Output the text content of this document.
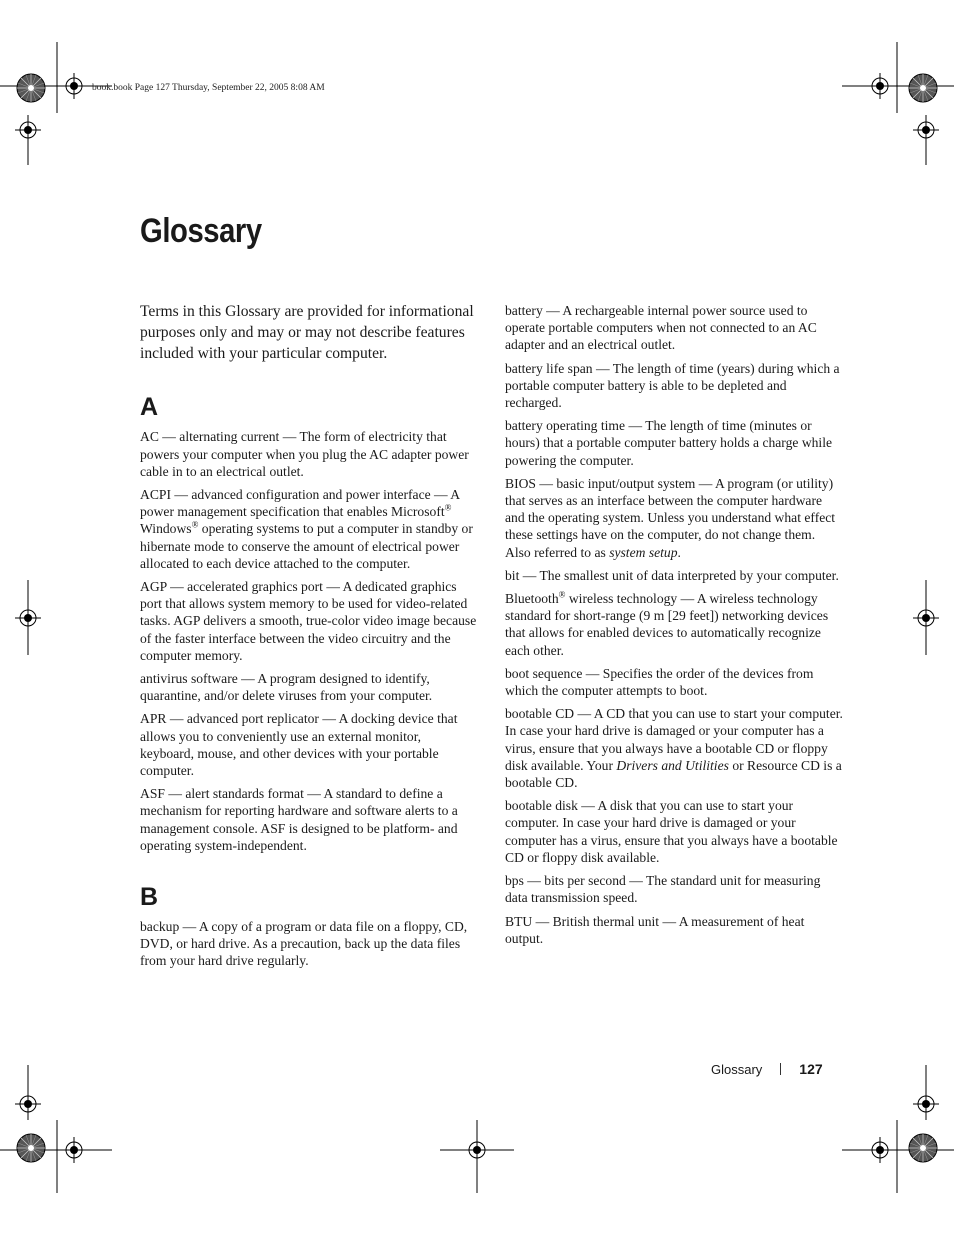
book.book Page 127 Thursday, September 22, 2005 8:08 AM
Glossary

Terms in this Glossary are provided for informational purposes only and may or may not describe features included with your particular computer.

A

AC — alternating current — The form of electricity that powers your computer when you plug the AC adapter power cable in to an electrical outlet.

ACPI — advanced configuration and power interface — A power management specification that enables Microsoft® Windows® operating systems to put a computer in standby or hibernate mode to conserve the amount of electrical power allocated to each device attached to the computer.

AGP — accelerated graphics port — A dedicated graphics port that allows system memory to be used for video-related tasks. AGP delivers a smooth, true-color video image because of the faster interface between the video circuitry and the computer memory.

antivirus software — A program designed to identify, quarantine, and/or delete viruses from your computer.

APR — advanced port replicator — A docking device that allows you to conveniently use an external monitor, keyboard, mouse, and other devices with your portable computer.

ASF — alert standards format — A standard to define a mechanism for reporting hardware and software alerts to a management console. ASF is designed to be platform- and operating system-independent.

B

backup — A copy of a program or data file on a floppy, CD, DVD, or hard drive. As a precaution, back up the data files from your hard drive regularly.

battery — A rechargeable internal power source used to operate portable computers when not connected to an AC adapter and an electrical outlet.

battery life span — The length of time (years) during which a portable computer battery is able to be depleted and recharged.

battery operating time — The length of time (minutes or hours) that a portable computer battery holds a charge while powering the computer.

BIOS — basic input/output system — A program (or utility) that serves as an interface between the computer hardware and the operating system. Unless you understand what effect these settings have on the computer, do not change them. Also referred to as system setup.

bit — The smallest unit of data interpreted by your computer.

Bluetooth® wireless technology — A wireless technology standard for short-range (9 m [29 feet]) networking devices that allows for enabled devices to automatically recognize each other.

boot sequence — Specifies the order of the devices from which the computer attempts to boot.

bootable CD — A CD that you can use to start your computer. In case your hard drive is damaged or your computer has a virus, ensure that you always have a bootable CD or floppy disk available. Your Drivers and Utilities or Resource CD is a bootable CD.

bootable disk — A disk that you can use to start your computer. In case your hard drive is damaged or your computer has a virus, ensure that you always have a bootable CD or floppy disk available.

bps — bits per second — The standard unit for measuring data transmission speed.

BTU — British thermal unit — A measurement of heat output.

Glossary	127
